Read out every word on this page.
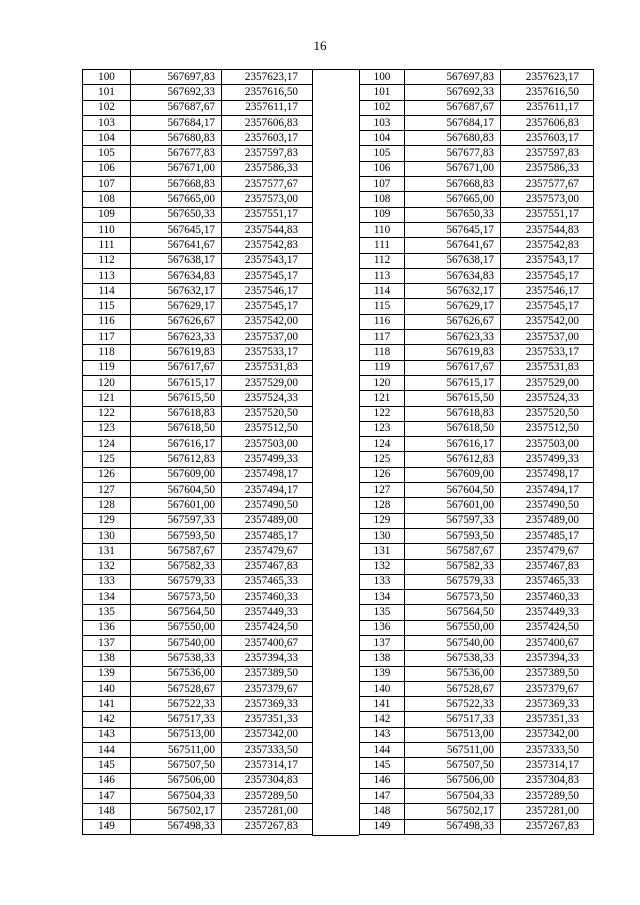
16
100	567697,83	2357623,17
101	567692,33	2357616,50
102	567687,67	2357611,17
103	567684,17	2357606,83
104	567680,83	2357603,17
105	567677,83	2357597,83
106	567671,00	2357586,33
107	567668,83	2357577,67
108	567665,00	2357573,00
109	567650,33	2357551,17
110	567645,17	2357544,83
111	567641,67	2357542,83
112	567638,17	2357543,17
113	567634,83	2357545,17
114	567632,17	2357546,17
115	567629,17	2357545,17
116	567626,67	2357542,00
117	567623,33	2357537,00
118	567619,83	2357533,17
119	567617,67	2357531,83
120	567615,17	2357529,00
121	567615,50	2357524,33
122	567618,83	2357520,50
123	567618,50	2357512,50
124	567616,17	2357503,00
125	567612,83	2357499,33
126	567609,00	2357498,17
127	567604,50	2357494,17
128	567601,00	2357490,50
129	567597,33	2357489,00
130	567593,50	2357485,17
131	567587,67	2357479,67
132	567582,33	2357467,83
133	567579,33	2357465,33
134	567573,50	2357460,33
135	567564,50	2357449,33
136	567550,00	2357424,50
137	567540,00	2357400,67
138	567538,33	2357394,33
139	567536,00	2357389,50
140	567528,67	2357379,67
141	567522,33	2357369,33
142	567517,33	2357351,33
143	567513,00	2357342,00
144	567511,00	2357333,50
145	567507,50	2357314,17
146	567506,00	2357304,83
147	567504,33	2357289,50
148	567502,17	2357281,00
149	567498,33	2357267,83
100	567697,83	2357623,17
101	567692,33	2357616,50
102	567687,67	2357611,17
103	567684,17	2357606,83
104	567680,83	2357603,17
105	567677,83	2357597,83
106	567671,00	2357586,33
107	567668,83	2357577,67
108	567665,00	2357573,00
109	567650,33	2357551,17
110	567645,17	2357544,83
111	567641,67	2357542,83
112	567638,17	2357543,17
113	567634,83	2357545,17
114	567632,17	2357546,17
115	567629,17	2357545,17
116	567626,67	2357542,00
117	567623,33	2357537,00
118	567619,83	2357533,17
119	567617,67	2357531,83
120	567615,17	2357529,00
121	567615,50	2357524,33
122	567618,83	2357520,50
123	567618,50	2357512,50
124	567616,17	2357503,00
125	567612,83	2357499,33
126	567609,00	2357498,17
127	567604,50	2357494,17
128	567601,00	2357490,50
129	567597,33	2357489,00
130	567593,50	2357485,17
131	567587,67	2357479,67
132	567582,33	2357467,83
133	567579,33	2357465,33
134	567573,50	2357460,33
135	567564,50	2357449,33
136	567550,00	2357424,50
137	567540,00	2357400,67
138	567538,33	2357394,33
139	567536,00	2357389,50
140	567528,67	2357379,67
141	567522,33	2357369,33
142	567517,33	2357351,33
143	567513,00	2357342,00
144	567511,00	2357333,50
145	567507,50	2357314,17
146	567506,00	2357304,83
147	567504,33	2357289,50
148	567502,17	2357281,00
149	567498,33	2357267,83
